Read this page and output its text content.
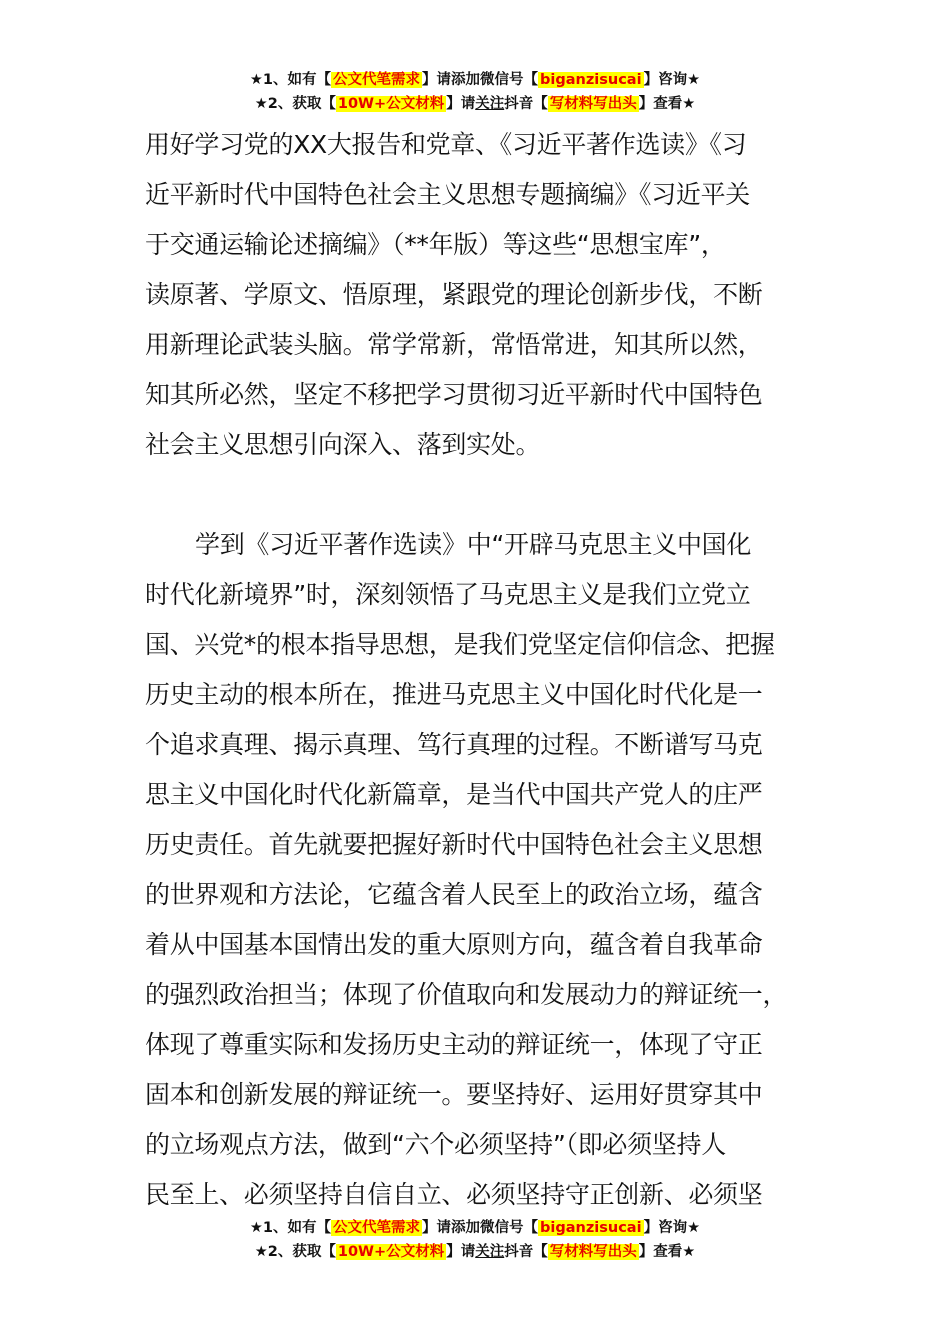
★1、如有【 公文代笔需求 】请添加微信号【 biganzisucai 】咨询★
★2、获取【 10W+公文材料 】请关注抖音【 写材料写出头 】查看★
用好学习党的XX大报告和党章、《习近平著作选读》《习
近平新时代中国特色社会主义思想专题摘编》《习近平关
于交通运输论述摘编》（**年版）等这些“思想宝库”，
读原著、学原文、悟原理，紧跟党的理论创新步伐，不断
用新理论武装头脑。常学常新，常悟常进，知其所以然，
知其所必然，坚定不移把学习贯彻习近平新时代中国特色
社会主义思想引向深入、落到实处。
学到《习近平著作选读》中“开辟马克思主义中国化
时代化新境界”时，深刻领悟了马克思主义是我们立党立
国、兴党*的根本指导思想，是我们党坚定信仰信念、把握
历史主动的根本所在，推进马克思主义中国化时代化是一
个追求真理、揭示真理、笃行真理的过程。不断谱写马克
思主义中国化时代化新篇章，是当代中国共产党人的庄严
历史责任。首先就要把握好新时代中国特色社会主义思想
的世界观和方法论，它蕴含着人民至上的政治立场，蕴含
着从中国基本国情出发的重大原则方向，蕴含着自我革命
的强烈政治担当；体现了价值取向和发展动力的辩证统一，
体现了尊重实际和发扬历史主动的辩证统一，体现了守正
固本和创新发展的辩证统一。要坚持好、运用好贯穿其中
的立场观点方法，做到“六个必须坚持”（即必须坚持人
民至上、必须坚持自信自立、必须坚持守正创新、必须坚
★1、如有【 公文代笔需求 】请添加微信号【 biganzisucai 】咨询★
★2、获取【 10W+公文材料 】请关注抖音【 写材料写出头 】查看★
